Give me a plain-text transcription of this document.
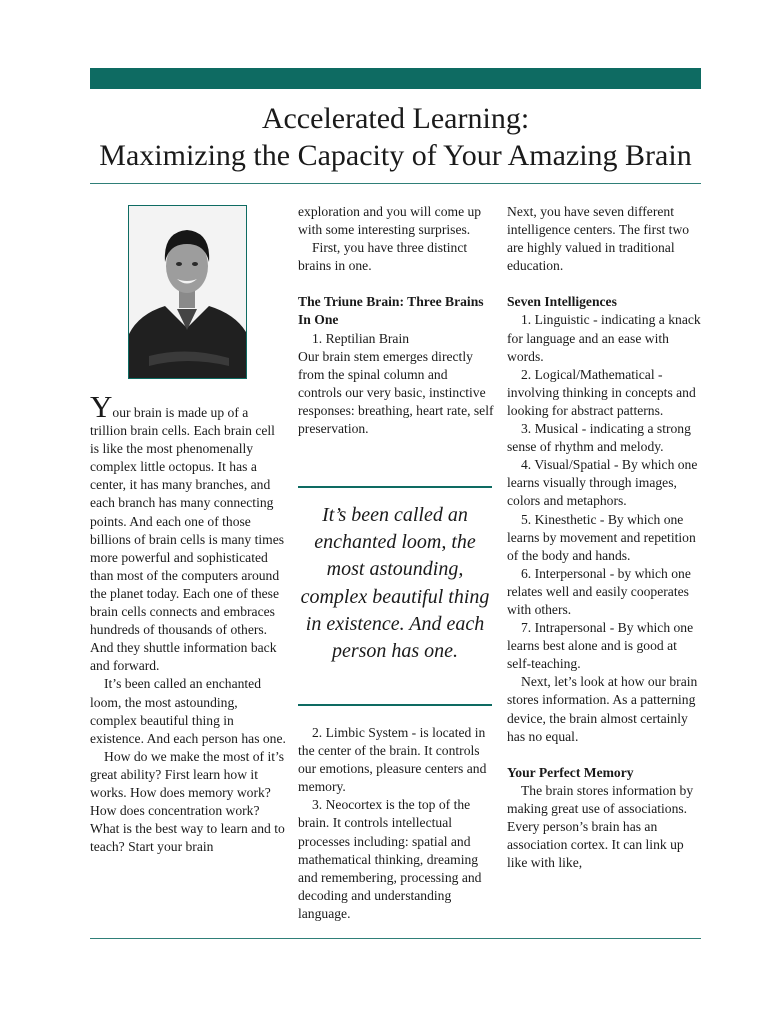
Accelerated Learning:
Maximizing the Capacity of Your Amazing Brain

Your brain is made up of a trillion brain cells. Each brain cell is like the most phenomenally complex little octopus. It has a center, it has many branches, and each branch has many connecting points. And each one of those billions of brain cells is many times more powerful and sophisticated than most of the computers around the planet today. Each one of these brain cells connects and embraces hundreds of thousands of others. And they shuttle information back and forward.

It’s been called an enchanted loom, the most astounding, complex beautiful thing in existence. And each person has one.

How do we make the most of it’s great ability? First learn how it works. How does memory work? How does concentration work? What is the best way to learn and to teach? Start your brain

exploration and you will come up with some interesting surprises.

First, you have three distinct brains in one.

The Triune Brain: Three Brains In One

1. Reptilian Brain

Our brain stem emerges directly from the spinal column and controls our very basic, instinctive responses: breathing, heart rate, self preservation.

It’s been called an enchanted loom, the most astounding, complex beautiful thing in existence. And each person has one.

2. Limbic System - is located in the center of the brain. It controls our emotions, pleasure centers and memory.

3. Neocortex is the top of the brain. It controls intellectual processes including: spatial and mathematical thinking, dreaming and remembering, processing and decoding and understanding language.

Next, you have seven different intelligence centers. The first two are highly valued in traditional education.

Seven Intelligences

1. Linguistic - indicating a knack for language and an ease with words.

2. Logical/Mathematical - involving thinking in concepts and looking for abstract patterns.

3. Musical - indicating a strong sense of rhythm and melody.

4. Visual/Spatial - By which one learns visually through images, colors and metaphors.

5. Kinesthetic - By which one learns by movement and repetition of the body and hands.

6. Interpersonal - by which one relates well and easily cooperates with others.

7. Intrapersonal - By which one learns best alone and is good at self-teaching.

Next, let’s look at how our brain stores information. As a patterning device, the brain almost certainly has no equal.

Your Perfect Memory

The brain stores information by making great use of associations. Every person’s brain has an association cortex. It can link up like with like,
